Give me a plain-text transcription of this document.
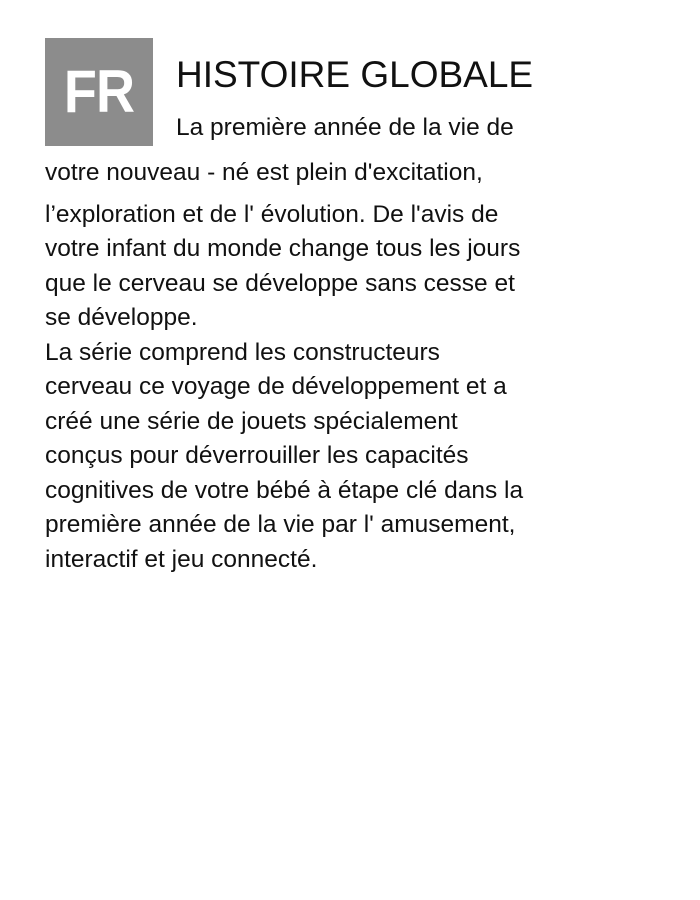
FR HISTOIRE GLOBALE
La première année de la vie de
votre nouveau - né est plein d'excitation,
l’exploration et de l' évolution. De l'avis de
votre infant du monde change tous les jours
que le cerveau se développe sans cesse et
se développe.
La série comprend les constructeurs
cerveau ce voyage de développement et a
créé une série de jouets spécialement
conçus pour déverrouiller les capacités
cognitives de votre bébé à étape clé dans la
première année de la vie par l' amusement,
interactif et jeu connecté.
